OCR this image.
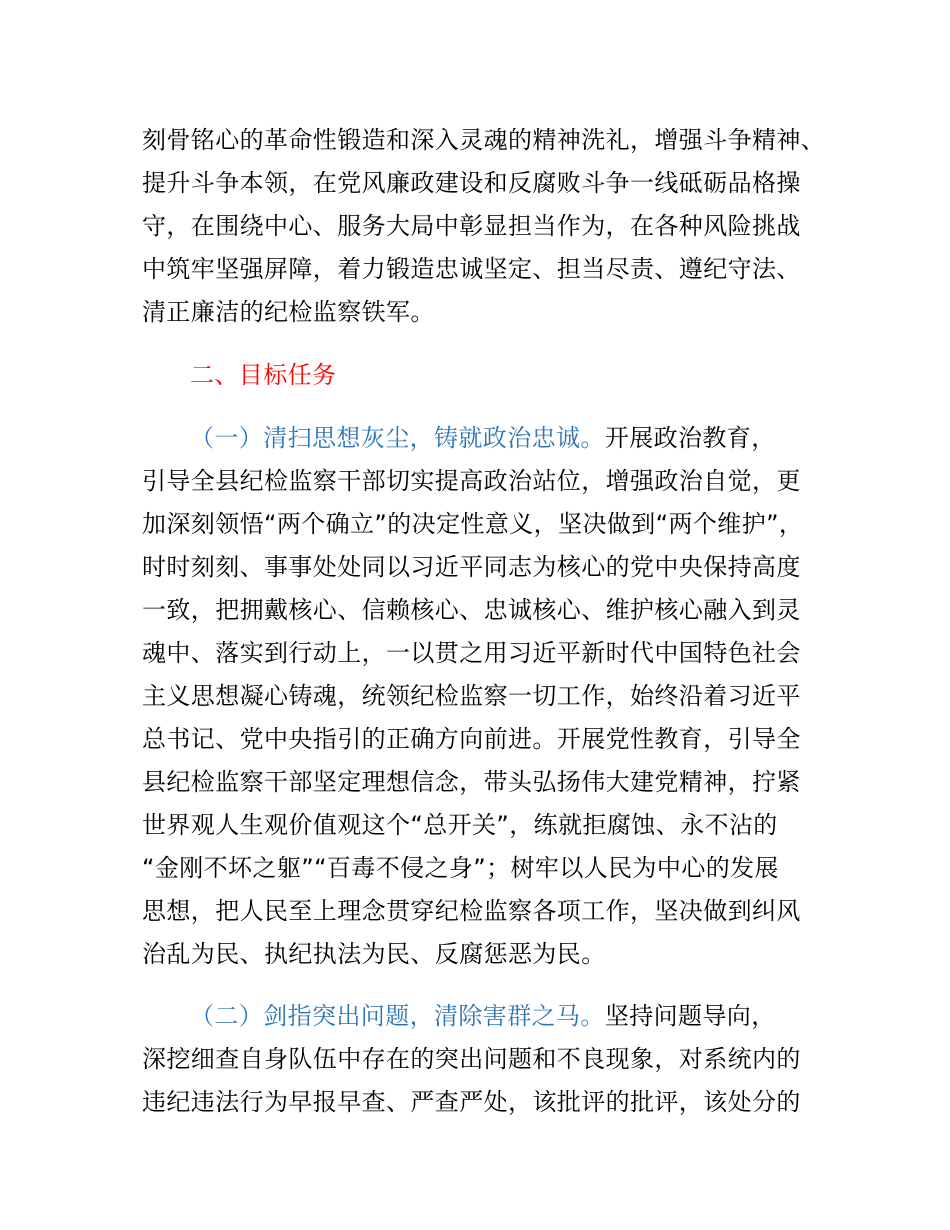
刻骨铭心的革命性锻造和深入灵魂的精神洗礼，增强斗争精神、
提升斗争本领，在党风廉政建设和反腐败斗争一线砥砺品格操
守，在围绕中心、服务大局中彰显担当作为，在各种风险挑战
中筑牢坚强屏障，着力锻造忠诚坚定、担当尽责、遵纪守法、
清正廉洁的纪检监察铁军。
二、目标任务
（一）清扫思想灰尘，铸就政治忠诚。开展政治教育，
引导全县纪检监察干部切实提高政治站位，增强政治自觉，更
加深刻领悟“两个确立”的决定性意义，坚决做到“两个维护”，
时时刻刻、事事处处同以习近平同志为核心的党中央保持高度
一致，把拥戴核心、信赖核心、忠诚核心、维护核心融入到灵
魂中、落实到行动上，一以贯之用习近平新时代中国特色社会
主义思想凝心铸魂，统领纪检监察一切工作，始终沿着习近平
总书记、党中央指引的正确方向前进。开展党性教育，引导全
县纪检监察干部坚定理想信念，带头弘扬伟大建党精神，拧紧
世界观人生观价值观这个“总开关”，练就拒腐蚀、永不沾的
“金刚不坏之躯”“百毒不侵之身”；树牢以人民为中心的发展
思想，把人民至上理念贯穿纪检监察各项工作，坚决做到纠风
治乱为民、执纪执法为民、反腐惩恶为民。
（二）剑指突出问题，清除害群之马。坚持问题导向，
深挖细查自身队伍中存在的突出问题和不良现象，对系统内的
违纪违法行为早报早查、严查严处，该批评的批评，该处分的
